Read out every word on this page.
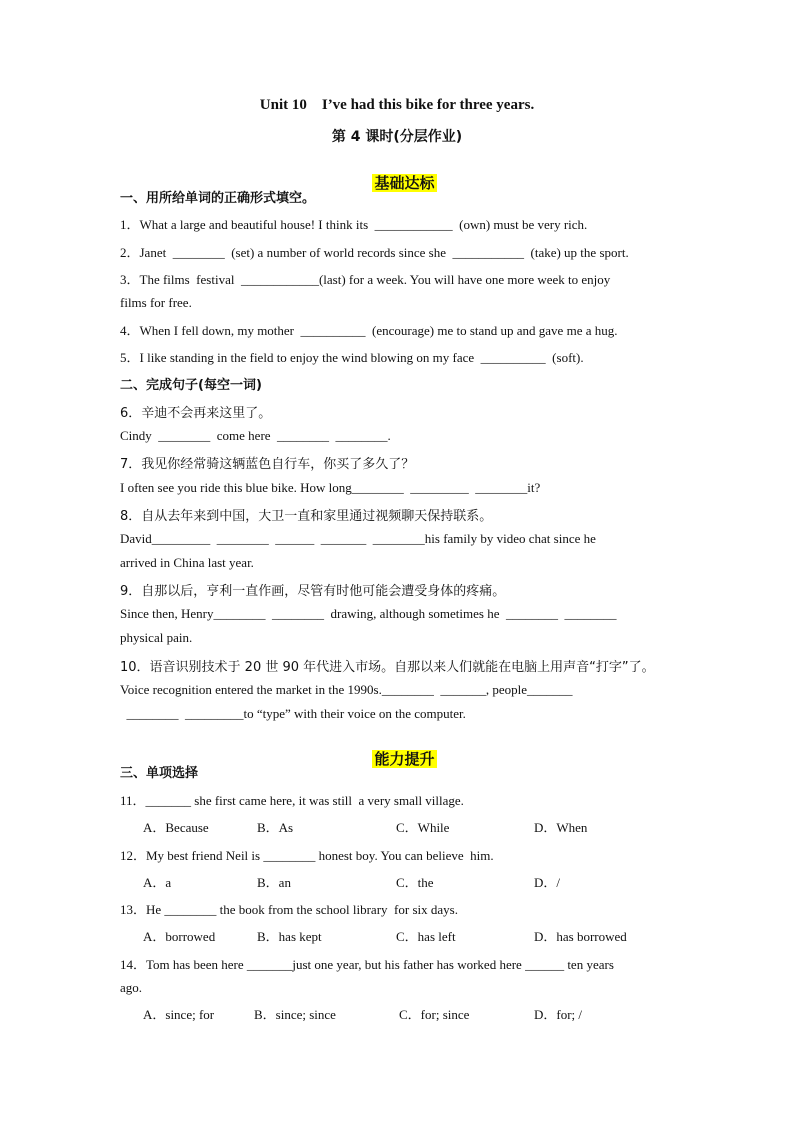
Unit 10    I’ve had this bike for three years.
第 4 课时(分层作业)

基础达标

一、用所给单词的正确形式填空。
1．What a large and beautiful house! I think its  ____________  (own) must be very rich.
2．Janet  ________  (set) a number of world records since she  ___________  (take) up the sport.
3．The films  festival  ____________(last) for a week. You will have one more week to enjoy
films for free.
4．When I fell down, my mother  __________  (encourage) me to stand up and gave me a hug.
5．I like standing in the field to enjoy the wind blowing on my face  __________  (soft).
二、完成句子(每空一词)
6．辛迪不会再来这里了。
Cindy  ________  come here  ________  ________.
7．我见你经常骑这辆蓝色自行车，你买了多久了？
I often see you ride this blue bike. How long________  _________  ________it?
8．自从去年来到中国，大卫一直和家里通过视频聊天保持联系。
David_________  ________  ______  _______  ________his family by video chat since he
arrived in China last year.
9．自那以后，亨利一直作画，尽管有时他可能会遭受身体的疼痛。
Since then, Henry________  ________  drawing, although sometimes he  ________  ________
physical pain.
10．语音识别技术于 20 世 90 年代进入市场。自那以来人们就能在电脑上用声音“打字”了。
Voice recognition entered the market in the 1990s.________  _______, people_______
________  _________to “type” with their voice on the computer.

能力提升

三、单项选择
11．_______ she first came here, it was still  a very small village.
A．Because	B．As	C．While	D．When
12．My best friend Neil is ________ honest boy. You can believe  him.
A．a	B．an	C．the	D．/
13．He ________ the book from the school library  for six days.
A．borrowed	B．has kept	C．has left	D．has borrowed
14．Tom has been here _______just one year, but his father has worked here ______ ten years
ago.
A．since; for	B．since; since	C．for; since	D．for; /
